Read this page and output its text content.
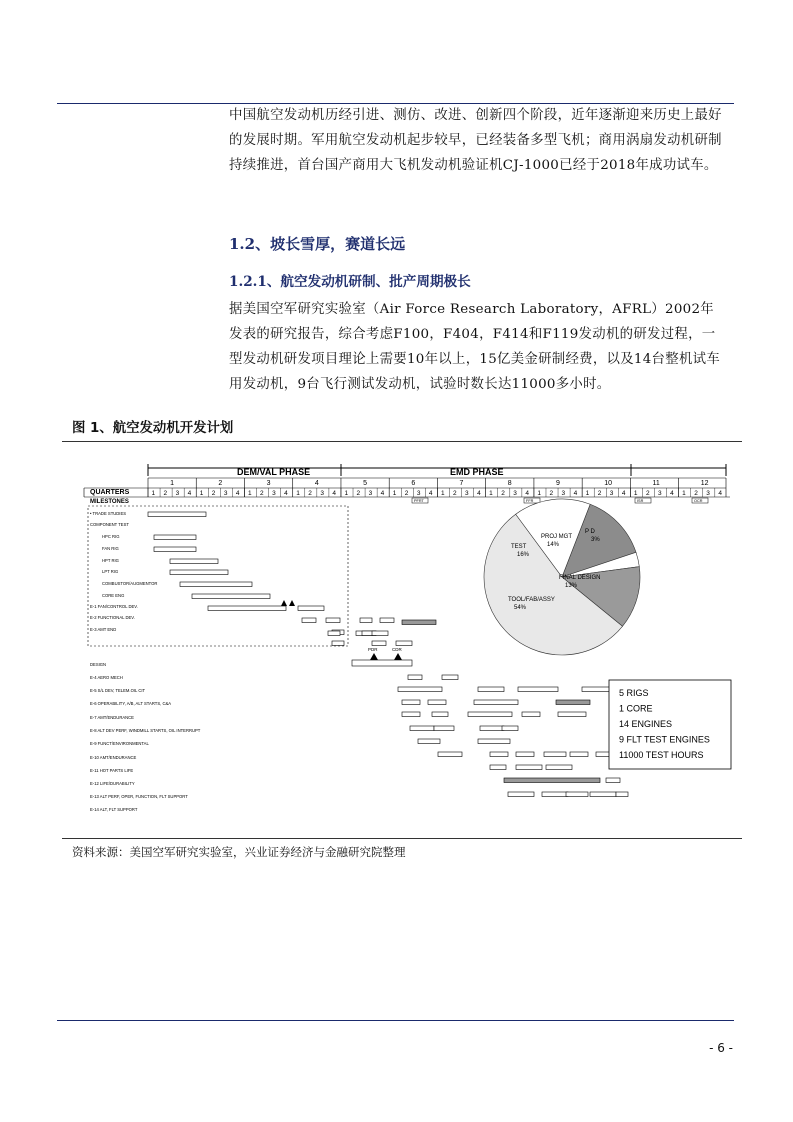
中国航空发动机历经引进、测仿、改进、创新四个阶段，近年逐渐迎来历史上最好的发展时期。军用航空发动机起步较早，已经装备多型飞机；商用涡扇发动机研制持续推进，首台国产商用大飞机发动机验证机CJ-1000已经于2018年成功试车。
1.2、坡长雪厚，赛道长远
1.2.1、航空发动机研制、批产周期极长
据美国空军研究实验室（Air Force Research Laboratory，AFRL）2002年发表的研究报告，综合考虑F100，F404，F414和F119发动机的研发过程，一型发动机研发项目理论上需要10年以上，15亿美金研制经费，以及14台整机试车用发动机，9台飞行测试发动机，试验时数长达11000多小时。
图 1、航空发动机开发计划
DEM/VAL PHASE	EMD PHASE
1
1 2 3 4
2
1 2 3 4
3
1 2 3 4
4
1 2 3 4
5
1 2 3 4
6
1 2 3 4
7
1 2 3 4
8
1 2 3 4
9
1 2 3 4
10
1 2 3 4
11
1 2 3 4
12
1 2 3 4
QUARTERS
MILESTONES	PFRT	FFR	ISR	OCR
• TRADE STUDIES
COMPONENT TEST
HPC RIG
FAN RIG
HPT RIG
LPT RIG
COMBUSTOR/AUGMENTOR
CORE ENG
E-1 FAN/CONTROL DEV.
E-2 FUNCTIONAL DEV.
E-3 AMT END
DESIGN
E-4 AERO MECH
E-5 S/L DEV, TELEM.OIL CIT
E-6 OPERABILITY, A/B, ALT STARTS, C&A
E-7 AMT/ENDURANCE
E-8 ALT DEV PERF, WINDMILL STARTS, OIL INTERRUPT
E-9 FUNCT/ENVIRONMENTAL
E-10 AMT/ENDURANCE
E-11 HOT PARTS LIFE
E-12 LIFE/DURABILITY
E-13 ALT PERF, OPER, FUNCTION, FLT SUPPORT
E-14 ALT, FLT SUPPORT
PDR	CDR
PROJ MGT
14%
P D
3%
FINAL DESIGN
13%
TOOL/FAB/ASSY
54%
TEST
16%
5 RIGS
1 CORE
14 ENGINES
9 FLT TEST ENGINES
11000 TEST HOURS
资料来源：美国空军研究实验室，兴业证券经济与金融研究院整理
- 6 -
